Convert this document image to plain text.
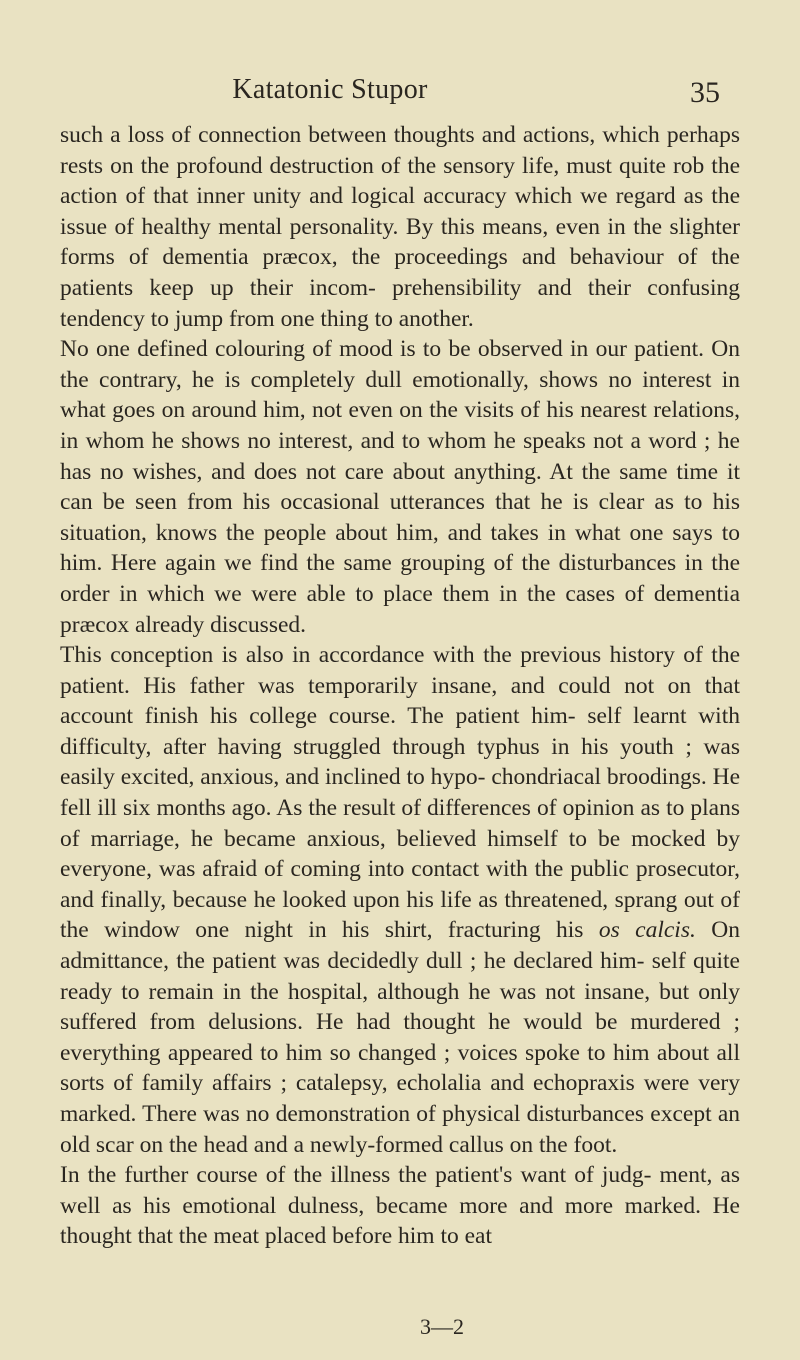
Katatonic Stupor	35

such a loss of connection between thoughts and actions, which perhaps rests on the profound destruction of the sensory life, must quite rob the action of that inner unity and logical accuracy which we regard as the issue of healthy mental personality. By this means, even in the slighter forms of dementia præcox, the proceedings and behaviour of the patients keep up their incom- prehensibility and their confusing tendency to jump from one thing to another.

No one defined colouring of mood is to be observed in our patient. On the contrary, he is completely dull emotionally, shows no interest in what goes on around him, not even on the visits of his nearest relations, in whom he shows no interest, and to whom he speaks not a word ; he has no wishes, and does not care about anything. At the same time it can be seen from his occasional utterances that he is clear as to his situation, knows the people about him, and takes in what one says to him. Here again we find the same grouping of the disturbances in the order in which we were able to place them in the cases of dementia præcox already discussed.

This conception is also in accordance with the previous history of the patient. His father was temporarily insane, and could not on that account finish his college course. The patient him- self learnt with difficulty, after having struggled through typhus in his youth ; was easily excited, anxious, and inclined to hypo- chondriacal broodings. He fell ill six months ago. As the result of differences of opinion as to plans of marriage, he became anxious, believed himself to be mocked by everyone, was afraid of coming into contact with the public prosecutor, and finally, because he looked upon his life as threatened, sprang out of the window one night in his shirt, fracturing his os calcis. On admittance, the patient was decidedly dull ; he declared him- self quite ready to remain in the hospital, although he was not insane, but only suffered from delusions. He had thought he would be murdered ; everything appeared to him so changed ; voices spoke to him about all sorts of family affairs ; catalepsy, echolalia and echopraxis were very marked. There was no demonstration of physical disturbances except an old scar on the head and a newly-formed callus on the foot.

In the further course of the illness the patient's want of judg- ment, as well as his emotional dulness, became more and more marked. He thought that the meat placed before him to eat

3—2
